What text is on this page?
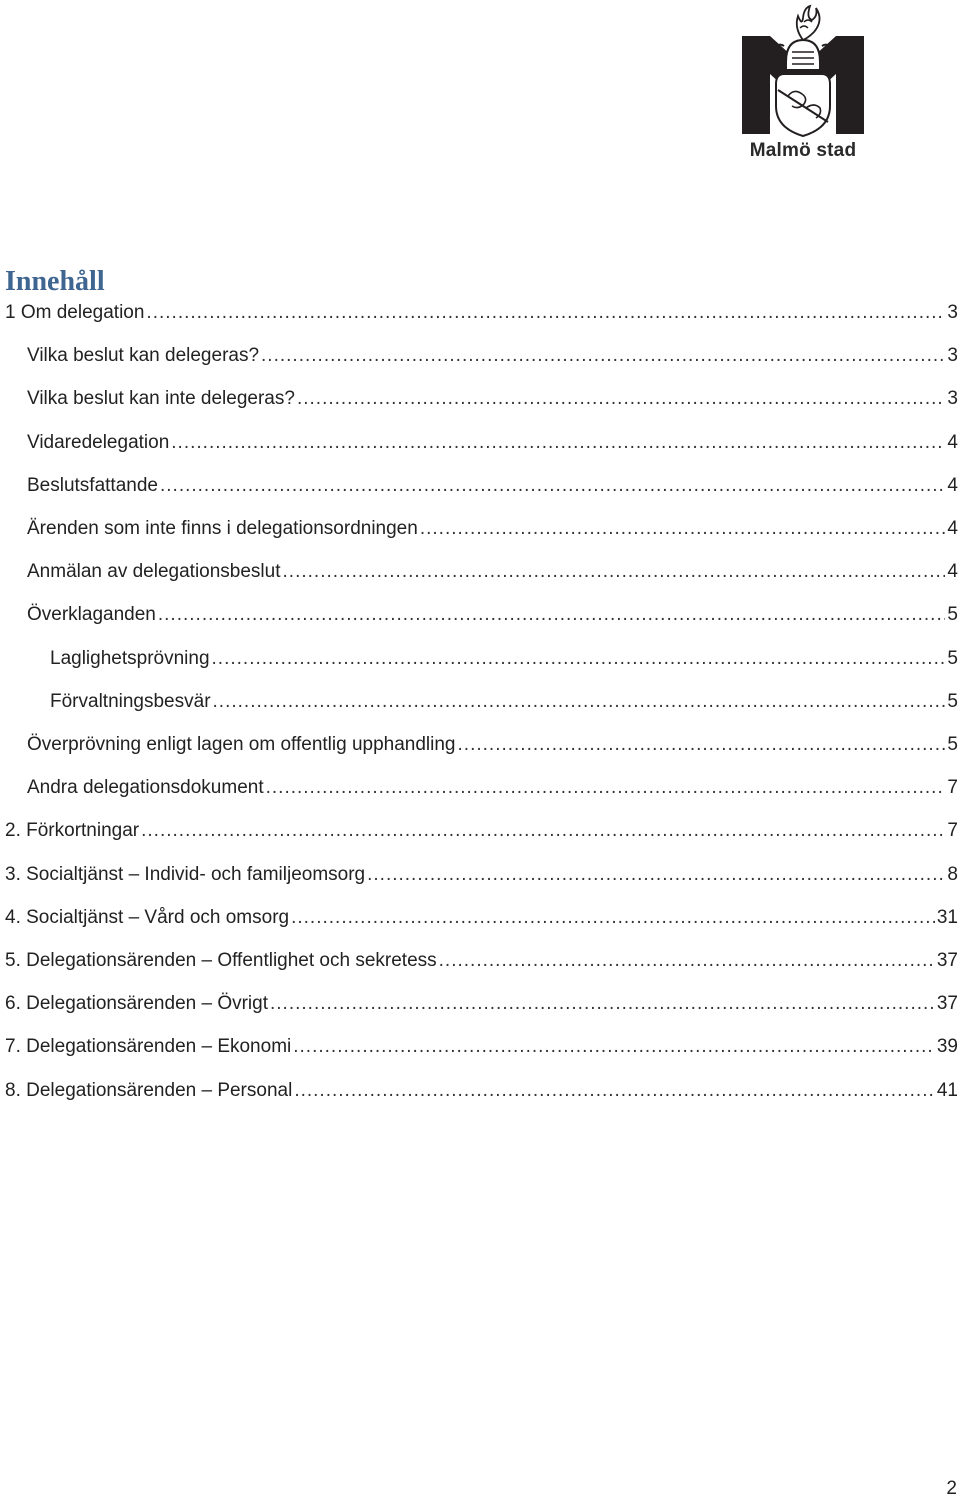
Malmö stad
Innehåll
1 Om delegation .....	3
Vilka beslut kan delegeras? .....	3
Vilka beslut kan inte delegeras? .....	3
Vidaredelegation .....	4
Beslutsfattande .....	4
Ärenden som inte finns i delegationsordningen .....	4
Anmälan av delegationsbeslut .....	4
Överklaganden .....	5
Laglighetsprövning .....	5
Förvaltningsbesvär .....	5
Överprövning enligt lagen om offentlig upphandling .....	5
Andra delegationsdokument .....	7
2. Förkortningar .....	7
3. Socialtjänst – Individ- och familjeomsorg .....	8
4. Socialtjänst – Vård och omsorg .....	31
5. Delegationsärenden – Offentlighet och sekretess .....	37
6. Delegationsärenden – Övrigt .....	37
7. Delegationsärenden – Ekonomi .....	39
8. Delegationsärenden – Personal .....	41
2
